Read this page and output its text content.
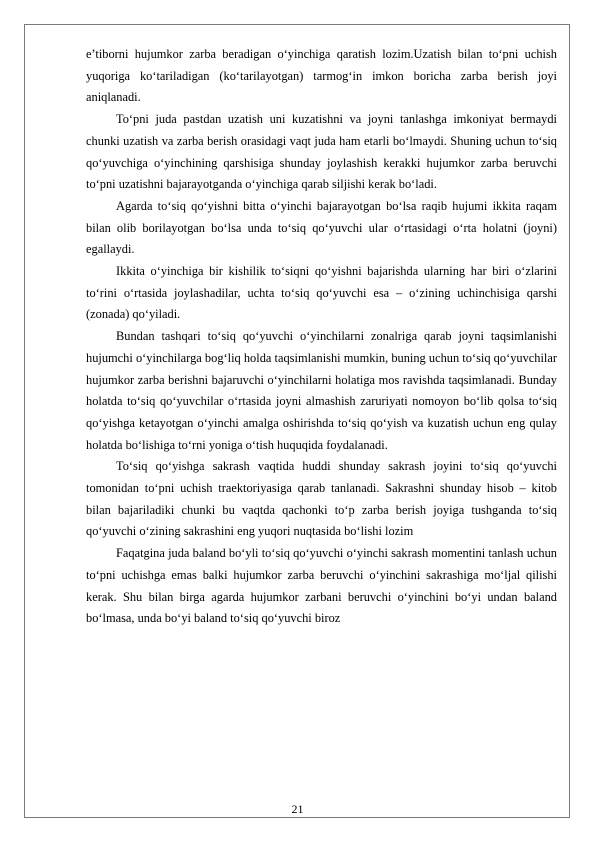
e’tiborni hujumkor zarba beradigan o‘yinchiga qaratish lozim.Uzatish bilan to‘pni uchish yuqoriga ko‘tariladigan (ko‘tarilayotgan) tarmog‘in imkon boricha zarba berish joyi aniqlanadi.

To‘pni juda pastdan uzatish uni kuzatishni va joyni tanlashga imkoniyat bermaydi chunki uzatish va zarba berish orasidagi vaqt juda ham etarli bo‘lmaydi. Shuning uchun to‘siq qo‘yuvchiga o‘yinchining qarshisiga shunday joylashish kerakki hujumkor zarba beruvchi to‘pni uzatishni bajarayotganda o‘yinchiga qarab siljishi kerak bo‘ladi.

Agarda to‘siq qo‘yishni bitta o‘yinchi bajarayotgan bo‘lsa raqib hujumi ikkita raqam bilan olib borilayotgan bo‘lsa unda to‘siq qo‘yuvchi ular o‘rtasidagi o‘rta holatni (joyni) egallaydi.

Ikkita o‘yinchiga bir kishilik to‘siqni qo‘yishni bajarishda ularning har biri o‘zlarini to‘rini o‘rtasida joylashadilar, uchta to‘siq qo‘yuvchi esa – o‘zining uchinchisiga qarshi (zonada) qo‘yiladi.

Bundan tashqari to‘siq qo‘yuvchi o‘yinchilarni zonalriga qarab joyni taqsimlanishi hujumchi o‘yinchilarga bog‘liq holda taqsimlanishi mumkin, buning uchun to‘siq qo‘yuvchilar hujumkor zarba berishni bajaruvchi o‘yinchilarni holatiga mos ravishda taqsimlanadi. Bunday holatda to‘siq qo‘yuvchilar o‘rtasida joyni almashish zaruriyati nomoyon bo‘lib qolsa to‘siq qo‘yishga ketayotgan o‘yinchi amalga oshirishda to‘siq qo‘yish va kuzatish uchun eng qulay holatda bo‘lishiga to‘rni yoniga o‘tish huquqida foydalanadi.

To‘siq qo‘yishga sakrash vaqtida huddi shunday sakrash joyini to‘siq qo‘yuvchi tomonidan to‘pni uchish traektoriyasiga qarab tanlanadi. Sakrashni shunday hisob – kitob bilan bajariladiki chunki bu vaqtda qachonki to‘p zarba berish joyiga tushganda to‘siq qo‘yuvchi o‘zining sakrashini eng yuqori nuqtasida bo‘lishi lozim

Faqatgina juda baland bo‘yli to‘siq qo‘yuvchi o‘yinchi sakrash momentini tanlash uchun to‘pni uchishga emas balki hujumkor zarba beruvchi o‘yinchini sakrashiga mo‘ljal qilishi kerak. Shu bilan birga agarda hujumkor zarbani beruvchi o‘yinchini bo‘yi undan baland bo‘lmasa, unda bo‘yi baland to‘siq qo‘yuvchi biroz

21
